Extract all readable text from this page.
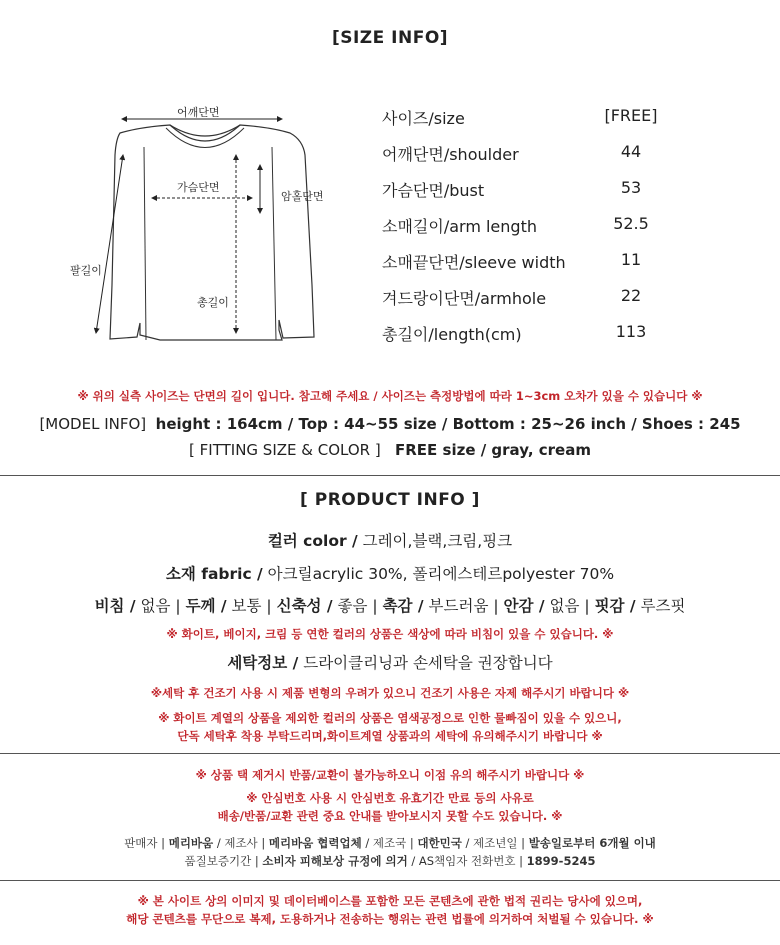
[SIZE INFO]
어깨단면
가슴단면
암홀단면
팔길이
총길이
사이즈/size	[FREE]
어깨단면/shoulder	44
가슴단면/bust	53
소매길이/arm length	52.5
소매끝단면/sleeve width	11
겨드랑이단면/armhole	22
총길이/length(cm)	113
※ 위의 실측 사이즈는 단면의 길이 입니다. 참고해 주세요 / 사이즈는 측정방법에 따라 1~3cm 오차가 있을 수 있습니다 ※
[MODEL INFO] height : 164cm / Top : 44~55 size / Bottom : 25~26 inch / Shoes : 245
[ FITTING SIZE & COLOR ] FREE size / gray, cream
[ PRODUCT INFO ]
컬러 color / 그레이,블랙,크림,핑크
소재 fabric / 아크릴acrylic 30%, 폴리에스테르polyester 70%
비침 / 없음 | 두께 / 보통 | 신축성 / 좋음 | 촉감 / 부드러움 | 안감 / 없음 | 핏감 / 루즈핏
※ 화이트, 베이지, 크림 등 연한 컬러의 상품은 색상에 따라 비침이 있을 수 있습니다. ※
세탁정보 / 드라이클리닝과 손세탁을 권장합니다
※세탁 후 건조기 사용 시 제품 변형의 우려가 있으니 건조기 사용은 자제 해주시기 바랍니다 ※
※ 화이트 계열의 상품을 제외한 컬러의 상품은 염색공정으로 인한 물빠짐이 있을 수 있으니,
단독 세탁후 착용 부탁드리며,화이트계열 상품과의 세탁에 유의해주시기 바랍니다 ※
※ 상품 택 제거시 반품/교환이 불가능하오니 이점 유의 해주시기 바랍니다 ※
※ 안심번호 사용 시 안심번호 유효기간 만료 등의 사유로
배송/반품/교환 관련 중요 안내를 받아보시지 못할 수도 있습니다. ※
판매자 | 메리바움 / 제조사 | 메리바움 협력업체 / 제조국 | 대한민국 / 제조년일 | 발송일로부터 6개월 이내
품질보증기간 | 소비자 피해보상 규정에 의거 / AS책임자 전화번호 | 1899-5245
※ 본 사이트 상의 이미지 및 데이터베이스를 포함한 모든 콘텐츠에 관한 법적 권리는 당사에 있으며,
해당 콘텐츠를 무단으로 복제, 도용하거나 전송하는 행위는 관련 법률에 의거하여 처벌될 수 있습니다. ※
